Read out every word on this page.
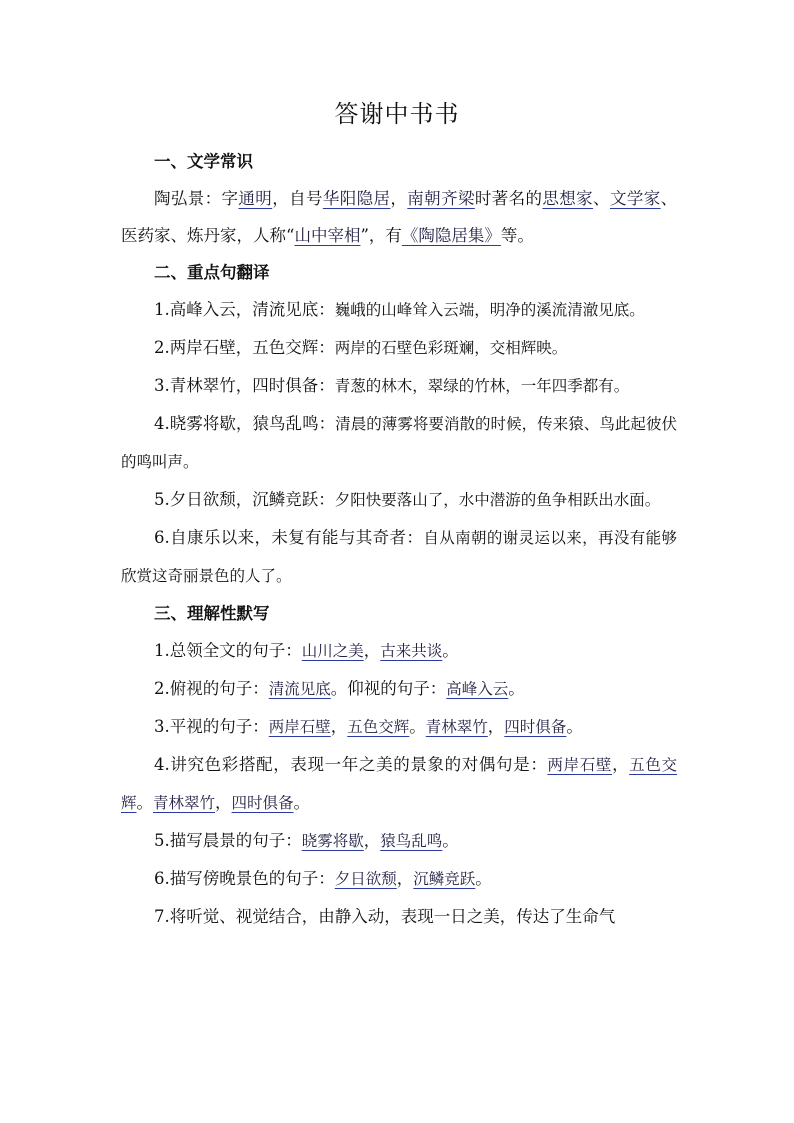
答谢中书书

一、文学常识

陶弘景：字通明，自号华阳隐居，南朝齐梁时著名的思想家、文学家、医药家、炼丹家，人称“山中宰相”，有《陶隐居集》等。

二、重点句翻译

1.高峰入云，清流见底：巍峨的山峰耸入云端，明净的溪流清澈见底。

2.两岸石壁，五色交辉：两岸的石壁色彩斑斓，交相辉映。

3.青林翠竹，四时俱备：青葱的林木，翠绿的竹林，一年四季都有。

4.晓雾将歇，猿鸟乱鸣：清晨的薄雾将要消散的时候，传来猿、鸟此起彼伏的鸣叫声。

5.夕日欲颓，沉鳞竞跃：夕阳快要落山了，水中潜游的鱼争相跃出水面。

6.自康乐以来，未复有能与其奇者：自从南朝的谢灵运以来，再没有能够欣赏这奇丽景色的人了。

三、理解性默写

1.总领全文的句子：山川之美，古来共谈。

2.俯视的句子：清流见底。仰视的句子：高峰入云。

3.平视的句子：两岸石壁，五色交辉。青林翠竹，四时俱备。

4.讲究色彩搭配，表现一年之美的景象的对偶句是：两岸石壁，五色交辉。青林翠竹，四时俱备。

5.描写晨景的句子：晓雾将歇，猿鸟乱鸣。

6.描写傍晚景色的句子：夕日欲颓，沉鳞竞跃。

7.将听觉、视觉结合，由静入动，表现一日之美，传达了生命气
